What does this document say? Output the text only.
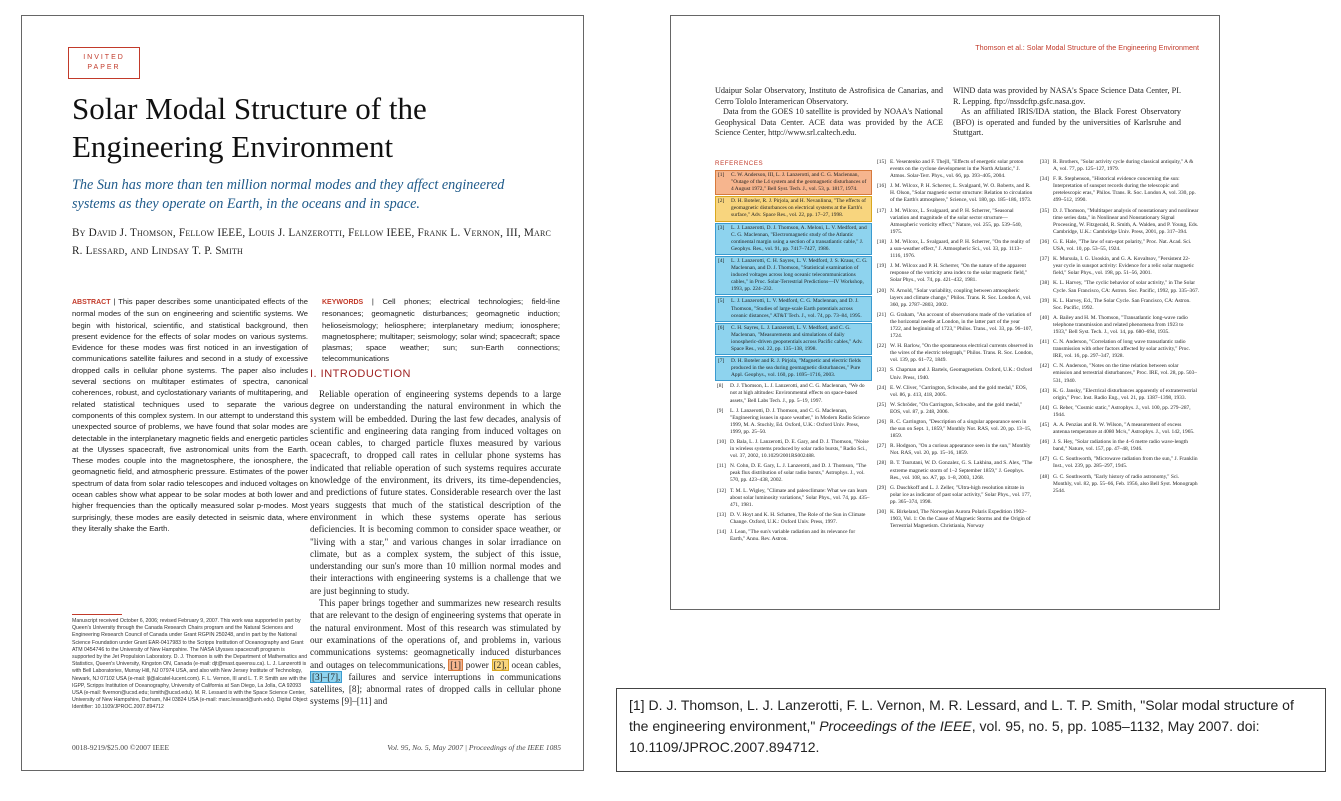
INVITED
PAPER
Solar Modal Structure of the Engineering Environment
The Sun has more than ten million normal modes and they affect engineered systems as they operate on Earth, in the oceans and in space.
By David J. Thomson, Fellow IEEE, Louis J. Lanzerotti, Fellow IEEE, Frank L. Vernon, III, Marc R. Lessard, and Lindsay T. P. Smith
ABSTRACT | This paper describes some unanticipated effects of the normal modes of the sun on engineering and scientific systems. We begin with historical, scientific, and statistical background, then present evidence for the effects of solar modes on various systems. Evidence for these modes was first noticed in an investigation of communications satellite failures and second in a study of excessive dropped calls in cellular phone systems. The paper also includes several sections on multitaper estimates of spectra, canonical coherences, robust, and cyclostationary variants of multitapering, and related statistical techniques used to separate the various components of this complex system. In our attempt to understand this unexpected source of problems, we have found that solar modes are detectable in the interplanetary magnetic fields and energetic particles at the Ulysses spacecraft, five astronomical units from the Earth. These modes couple into the magnetosphere, the ionosphere, the geomagnetic field, and atmospheric pressure. Estimates of the power spectrum of data from solar radio telescopes and induced voltages on ocean cables show what appear to be solar modes at both lower and higher frequencies than the optically measured solar p-modes. Most surprisingly, these modes are easily detected in seismic data, where they literally shake the Earth.
KEYWORDS | Cell phones; electrical technologies; field-line resonances; geomagnetic disturbances; geomagnetic induction; helioseismology; heliosphere; interplanetary medium; ionosphere; magnetosphere; multitaper; seismology; solar wind; spacecraft; space plasmas; space weather; sun; sun-Earth connections; telecommunications
I. INTRODUCTION

Reliable operation of engineering systems depends to a large degree on understanding the natural environment in which the system will be embedded. During the last few decades, analysis of scientific and engineering data ranging from induced voltages on ocean cables, to charged particle fluxes measured by various spacecraft, to dropped call rates in cellular phone systems has indicated that reliable operation of such systems requires accurate knowledge of the environment, its drivers, its time-dependencies, and predictions of future states. Considerable research over the last years suggests that much of the statistical description of the environment in which these systems operate has serious deficiencies. It is becoming common to consider space weather, or "living with a star," and various changes in solar irradiance on climate, but as a complex system, the subject of this issue, understanding our sun's more than 10 million normal modes and their interactions with engineering systems is a challenge that we are just beginning to study.

This paper brings together and summarizes new research results that are relevant to the design of engineering systems that operate in the natural environment. Most of this research was stimulated by our examinations of the operations of, and problems in, various communications systems: geomagnetically induced disturbances and outages on telecommunications, [1] power [2], ocean cables, [3]–[7], failures and service interruptions in communications satellites, [8]; abnormal rates of dropped calls in cellular phone systems [9]–[11] and

Manuscript received October 6, 2006; revised February 9, 2007. This work was supported in part by Queen's University through the Canada Research Chairs program and the Natural Sciences and Engineering Research Council of Canada under Grant RGPIN 250248, and in part by the National Science Foundation under Grant EAR-0417983 to the Scripps Institution of Oceanography and Grant ATM 0454746 to the University of New Hampshire. The NASA Ulysses spacecraft program is supported by the Jet Propulsion Laboratory. D. J. Thomson is with the Department of Mathematics and Statistics, Queen's University, Kingston ON, Canada (e-mail: djt@mast.queensu.ca). L. J. Lanzerotti is with Bell Laboratories, Murray Hill, NJ 07974 USA, and also with New Jersey Institute of Technology, Newark, NJ 07102 USA (e-mail: ljl@alcatel-lucent.com). F. L. Vernon, III and L. T. P. Smith are with the IGPP, Scripps Institution of Oceanography, University of California at San Diego, La Jolla, CA 92093 USA (e-mail: flvernon@ucsd.edu; lsmith@ucsd.edu). M. R. Lessard is with the Space Science Center, University of New Hampshire, Durham, NH 03824 USA (e-mail: marc.lessard@unh.edu). Digital Object Identifier: 10.1109/JPROC.2007.894712
0018-9219/$25.00 ©2007 IEEE	Vol. 95, No. 5, May 2007 | Proceedings of the IEEE 1085
Thomson et al.: Solar Modal Structure of the Engineering Environment
Udaipur Solar Observatory, Instituto de Astrofisica de Canarias, and Cerro Tololo Interamerican Observatory.

Data from the GOES 10 satellite is provided by NOAA's National Geophysical Data Center. ACE data was provided by the ACE Science Center, http://www.srl.caltech.edu.

WIND data was provided by NASA's Space Science Data Center, PI. R. Lepping. ftp://nssdcftp.gsfc.nasa.gov.

As an affiliated IRIS/IDA station, the Black Forest Observatory (BFO) is operated and funded by the universities of Karlsruhe and Stuttgart.

REFERENCES
[1]	C. W. Anderson, III, L. J. Lanzerotti, and C. G. Maclennan, "Outage of the L4 system and the geomagnetic disturbances of 4 August 1972," Bell Syst. Tech. J., vol. 53, p. 1817, 1974.
[2]	D. H. Boteler, R. J. Pirjola, and H. Nevanlinna, "The effects of geomagnetic disturbances on electrical systems at the Earth's surface," Adv. Space Res., vol. 22, pp. 17–27, 1998.
[3]	L. J. Lanzerotti, D. J. Thomson, A. Meloni, L. V. Medford, and C. G. Maclennan, "Electromagnetic study of the Atlantic continental margin using a section of a transatlantic cable," J. Geophys. Res., vol. 91, pp. 7417–7427, 1986.
[4]	L. J. Lanzerotti, C. H. Sayres, L. V. Medford, J. S. Kraus, C. G. Maclennan, and D. J. Thomson, "Statistical examination of induced voltages across long oceanic telecommunications cables," in Proc. Solar-Terrestrial Predictions—IV Workshop, 1993, pp. 224–232.
[5]	L. J. Lanzerotti, L. V. Medford, C. G. Maclennan, and D. J. Thomson, "Studies of large-scale Earth potentials across oceanic distances," AT&T Tech. J., vol. 74, pp. 73–84, 1995.
[6]	C. H. Sayres, L. J. Lanzerotti, L. V. Medford, and C. G. Maclennan, "Measurements and simulations of daily ionospheric-driven geopotentials across Pacific cables," Adv. Space Res., vol. 22, pp. 135–138, 1998.
[7]	D. H. Boteler and R. J. Pirjola, "Magnetic and electric fields produced in the sea during geomagnetic disturbances," Pure Appl. Geophys., vol. 160, pp. 1695–1716, 2003.
[8]	D. J. Thomson, L. J. Lanzerotti, and C. G. Maclennan, "We do not at high altitudes: Environmental effects on space-based assets," Bell Labs Tech. J., pp. 5–19, 1997.
[9]	L. J. Lanzerotti, D. J. Thomson, and C. G. Maclennan, "Engineering issues in space weather," in Modern Radio Science 1999, M. A. Stuchly, Ed. Oxford, U.K.: Oxford Univ. Press, 1999, pp. 25–50.
[10] D. Bala, L. J. Lanzerotti, D. E. Gary, and D. J. Thomson, "Noise in wireless systems produced by solar radio bursts," Radio Sci., vol. 37, 2002, 10.1029/2001RS002488.
[11] N. Cohn, D. E. Gary, L. J. Lanzerotti, and D. J. Thomson, "The peak flux distribution of solar radio bursts," Astrophys. J., vol. 570, pp. 423–438, 2002.
[12] T. M. L. Wigley, "Climate and paleoclimate: What we can learn about solar luminosity variations," Solar Phys., vol. 74, pp. 435–471, 1981.
[13] D. V. Hoyt and K. H. Schatten, The Role of the Sun in Climate Change. Oxford, U.K.: Oxford Univ. Press, 1997.
[14] J. Lean, "The sun's variable radiation and its relevance for Earth," Annu. Rev. Astron.
[15] E. Vesentenko and F. Thejll, "Effects of energetic solar proton events on the cyclone development in the North Atlantic," J. Atmos. Solar-Terr. Phys., vol. 66, pp. 393–405, 2004.
[16] J. M. Wilcox, P. H. Scherrer, L. Svalgaard, W. O. Roberts, and R. H. Olson, "Solar magnetic sector structure: Relation to circulation of the Earth's atmosphere," Science, vol. 180, pp. 185–186, 1973.
[17] J. M. Wilcox, L. Svalgaard, and P. H. Scherrer, "Seasonal variation and magnitude of the solar sector structure—Atmospheric vorticity effect," Nature, vol. 255, pp. 539–540, 1975.
[18] J. M. Wilcox, L. Svalgaard, and P. H. Scherrer, "On the reality of a sun-weather effect," J. Atmospheric Sci., vol. 33, pp. 1113–1116, 1976.
[19] J. M. Wilcox and P. H. Scherrer, "On the nature of the apparent response of the vorticity area index to the solar magnetic field," Solar Phys., vol. 74, pp. 421–432, 1981.
[20] N. Arnold, "Solar variability, coupling between atmospheric layers and climate change," Philos. Trans. R. Soc. London A, vol. 360, pp. 2787–2803, 2002.
[21] G. Graham, "An account of observations made of the variation of the horizontal needle at London, in the latter part of the year 1722, and beginning of 1723," Philos. Trans., vol. 33, pp. 96–107, 1724.
[22] W. H. Barlow, "On the spontaneous electrical currents observed in the wires of the electric telegraph," Philos. Trans. R. Soc. London, vol. 139, pp. 61–72, 1849.
[23] S. Chapman and J. Bartels, Geomagnetism. Oxford, U.K.: Oxford Univ. Press, 1940.
[24] E. W. Cliver, "Carrington, Schwabe, and the gold medal," EOS, vol. 86, p. 413, 418, 2005.
[25] W. Schröder, "On Carrington, Schwabe, and the gold medal," EOS, vol. 87, p. 248, 2006.
[26] R. C. Carrington, "Description of a singular appearance seen in the sun on Sept. 1, 1859," Monthly Not. RAS, vol. 20, pp. 13–15, 1859.
[27] R. Hodgson, "On a curious appearance seen in the sun," Monthly Not. RAS, vol. 20, pp. 15–16, 1859.
[28] B. T. Tsurutani, W. D. Gonzalez, G. S. Lakhina, and S. Alex, "The extreme magnetic storm of 1–2 September 1859," J. Geophys. Res., vol. 108, no. A7, pp. 1–8, 2003, 1268.
[29] G. Duschkoff and L. J. Zeller, "Ultra-high resolution nitrate in polar ice as indicator of past solar activity," Solar Phys., vol. 177, pp. 365–374, 1998.
[30] K. Birkeland, The Norwegian Aurora Polaris Expedition 1902–1903, Vol. 1: On the Cause of Magnetic Storms and the Origin of Terrestrial Magnetism. Christiania, Norway
[33] R. Brothers, "Solar activity cycle during classical antiquity," A & A, vol. 77, pp. 125–127, 1979.
[34] F. R. Stephenson, "Historical evidence concerning the sun: Interpretation of sunspot records during the telescopic and pretelescopic eras," Philos. Trans. R. Soc. London A, vol. 330, pp. 499–512, 1990.
[35] D. J. Thomson, "Multitaper analysis of nonstationary and nonlinear time series data," in Nonlinear and Nonstationary Signal Processing, W. Fitzgerald, R. Smith, A. Walden, and P. Young, Eds. Cambridge, U.K.: Cambridge Univ. Press, 2001, pp. 317–394.
[36] G. E. Hale, "The law of sun-spot polarity," Proc. Nat. Acad. Sci. USA, vol. 10, pp. 53–55, 1924.
[37] K. Mursula, I. G. Usoskin, and G. A. Kovaltsov, "Persistent 22-year cycle in sunspot activity: Evidence for a relic solar magnetic field," Solar Phys., vol. 198, pp. 51–56, 2001.
[38] K. L. Harvey, "The cyclic behavior of solar activity," in The Solar Cycle. San Francisco, CA: Astron. Soc. Pacific, 1992, pp. 335–367.
[39] K. L. Harvey, Ed., The Solar Cycle. San Francisco, CA: Astron. Soc. Pacific, 1992.
[40] A. Bailey and H. M. Thomson, "Transatlantic long-wave radio telephone transmission and related phenomena from 1923 to 1933," Bell Syst. Tech. J., vol. 14, pp. 680–694, 1935.
[41] C. N. Anderson, "Correlation of long wave transatlantic radio transmission with other factors affected by solar activity," Proc. IRE, vol. 16, pp. 297–347, 1928.
[42] C. N. Anderson, "Notes on the time relation between solar emission and terrestrial disturbances," Proc. IRE, vol. 28, pp. 503–531, 1940.
[43] K. G. Jansky, "Electrical disturbances apparently of extraterrestrial origin," Proc. Inst. Radio Eng., vol. 21, pp. 1387–1398, 1933.
[44] G. Reber, "Cosmic static," Astrophys. J., vol. 100, pp. 279–287, 1944.
[45] A. A. Penzias and R. W. Wilson, "A measurement of excess antenna temperature at 4080 Mc/s," Astrophys. J., vol. 142, 1965.
[46] J. S. Hey, "Solar radiations in the 4–6 metre radio wave-length band," Nature, vol. 157, pp. 47–48, 1946.
[47] G. C. Southworth, "Microwave radiation from the sun," J. Franklin Inst., vol. 239, pp. 285–297, 1945.
[48] G. C. Southworth, "Early history of radio astronomy," Sci. Monthly, vol. 82, pp. 55–66, Feb. 1956, also Bell Syst. Monograph 2544.
[1] D. J. Thomson, L. J. Lanzerotti, F. L. Vernon, M. R. Lessard, and L. T. P. Smith, "Solar modal structure of the engineering environment," Proceedings of the IEEE, vol. 95, no. 5, pp. 1085–1132, May 2007. doi: 10.1109/JPROC.2007.894712.
